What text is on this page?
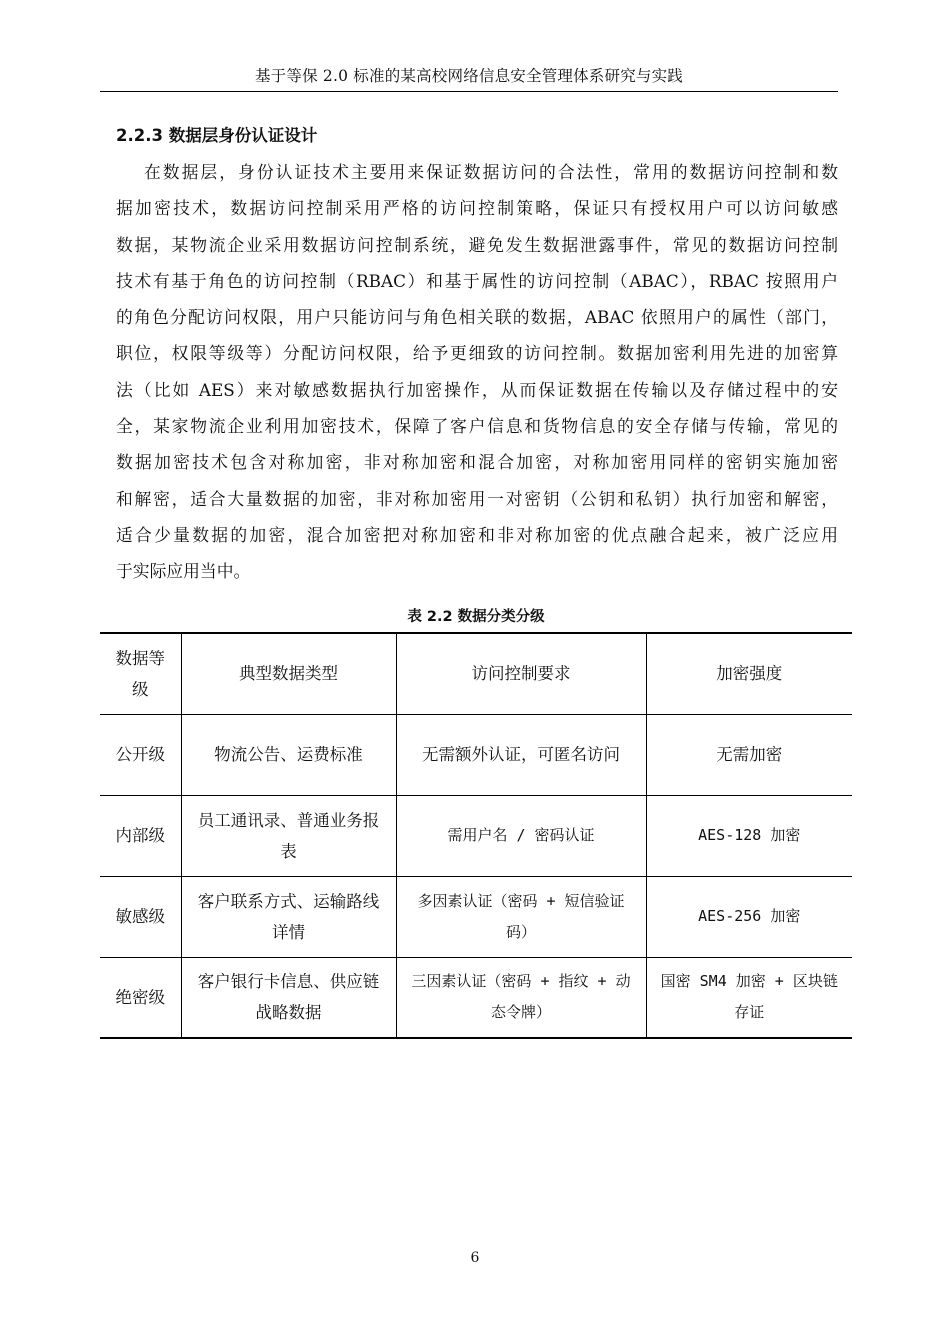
基于等保 2.0 标准的某高校网络信息安全管理体系研究与实践
2.2.3 数据层身份认证设计
在数据层，身份认证技术主要用来保证数据访问的合法性，常用的数据访问控制和数
据加密技术，数据访问控制采用严格的访问控制策略，保证只有授权用户可以访问敏感
数据，某物流企业采用数据访问控制系统，避免发生数据泄露事件，常见的数据访问控制
技术有基于角色的访问控制（RBAC）和基于属性的访问控制（ABAC），RBAC 按照用户
的角色分配访问权限，用户只能访问与角色相关联的数据，ABAC 依照用户的属性（部门，
职位，权限等级等）分配访问权限，给予更细致的访问控制。数据加密利用先进的加密算
法（比如 AES）来对敏感数据执行加密操作，从而保证数据在传输以及存储过程中的安
全，某家物流企业利用加密技术，保障了客户信息和货物信息的安全存储与传输，常见的
数据加密技术包含对称加密，非对称加密和混合加密，对称加密用同样的密钥实施加密
和解密，适合大量数据的加密，非对称加密用一对密钥（公钥和私钥）执行加密和解密，
适合少量数据的加密，混合加密把对称加密和非对称加密的优点融合起来，被广泛应用
于实际应用当中。
表 2.2 数据分类分级
数据等级	典型数据类型	访问控制要求	加密强度
公开级	物流公告、运费标准	无需额外认证，可匿名访问	无需加密
内部级	员工通讯录、普通业务报表	需用户名 / 密码认证	AES-128 加密
敏感级	客户联系方式、运输路线详情	多因素认证（密码 + 短信验证码）	AES-256 加密
绝密级	客户银行卡信息、供应链战略数据	三因素认证（密码 + 指纹 + 动态令牌）	国密 SM4 加密 + 区块链存证
6
